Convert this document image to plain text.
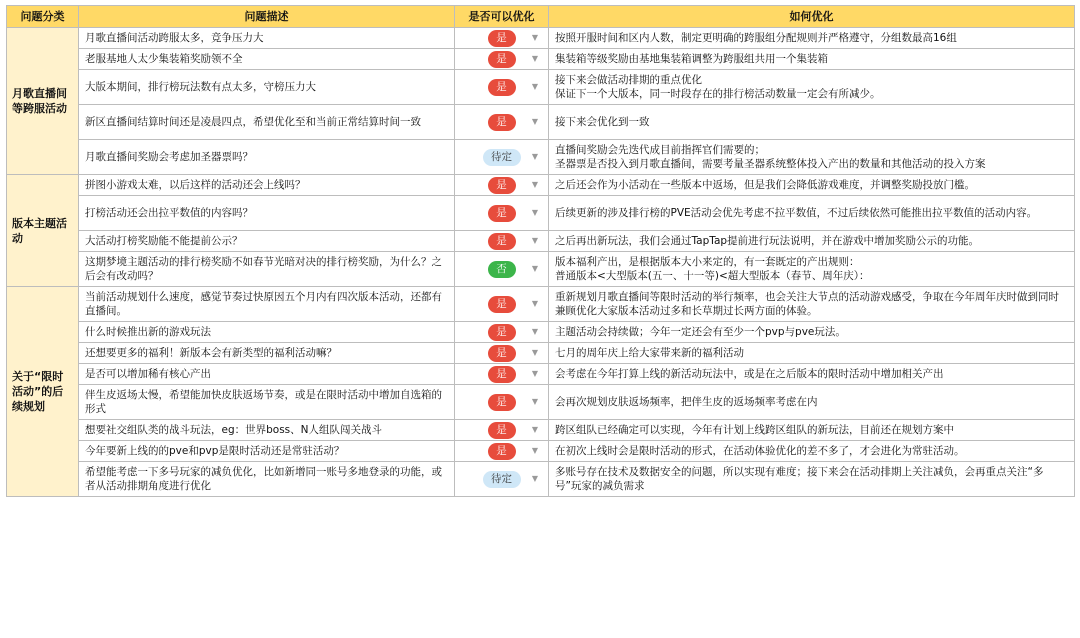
问题分类	问题描述	是否可以优化	如何优化
月歌直播间等跨服活动	月歌直播间活动跨服太多，竞争压力大	是 ▼	按照开服时间和区内人数，制定更明确的跨服组分配规则并严格遵守，分组数最高16组
	老服基地人太少集装箱奖励领不全	是 ▼	集装箱等级奖励由基地集装箱调整为跨服组共用一个集装箱
	大版本期间，排行榜玩法数有点太多，守榜压力大	是 ▼	接下来会做活动排期的重点优化
保证下一个大版本，同一时段存在的排行榜活动数量一定会有所减少。
	新区直播间结算时间还是凌晨四点，希望优化至和当前正常结算时间一致	是 ▼	接下来会优化到一致
	月歌直播间奖励会考虑加圣器票吗？	待定 ▼	直播间奖励会先迭代成目前指挥官们需要的；
圣器票是否投入到月歌直播间，需要考量圣器系统整体投入产出的数量和其他活动的投入方案
版本主题活动	拼图小游戏太难，以后这样的活动还会上线吗？	是 ▼	之后还会作为小活动在一些版本中返场，但是我们会降低游戏难度，并调整奖励投放门槛。
	打榜活动还会出拉平数值的内容吗？	是 ▼	后续更新的涉及排行榜的PVE活动会优先考虑不拉平数值，不过后续依然可能推出拉平数值的活动内容。
	大活动打榜奖励能不能提前公示？	是 ▼	之后再出新玩法，我们会通过TapTap提前进行玩法说明，并在游戏中增加奖励公示的功能。
	这期梦境主题活动的排行榜奖励不如春节光暗对决的排行榜奖励，为什么？之后会有改动吗？	否 ▼	版本福利产出，是根据版本大小来定的，有一套既定的产出规则：
普通版本<大型版本(五一、十一等)<超大型版本（春节、周年庆）：
关于“限时活动”的后续规划	当前活动规划什么速度，感觉节奏过快原因五个月内有四次版本活动，还都有直播间。	是 ▼	重新规划月歌直播间等限时活动的举行频率，也会关注大节点的活动游戏感受，争取在今年周年庆时做到同时兼顾优化大家版本活动过多和长草期过长两方面的体验。
	什么时候推出新的游戏玩法	是 ▼	主题活动会持续做；今年一定还会有至少一个pvp与pve玩法。
	还想要更多的福利！新版本会有新类型的福利活动嘛？	是 ▼	七月的周年庆上给大家带来新的福利活动
	是否可以增加稀有核心产出	是 ▼	会考虑在今年打算上线的新活动玩法中，或是在之后版本的限时活动中增加相关产出
	伴生皮返场太慢，希望能加快皮肤返场节奏，或是在限时活动中增加自选箱的形式	是 ▼	会再次规划皮肤返场频率，把伴生皮的返场频率考虑在内
	想要社交组队类的战斗玩法，eg：世界boss、N人组队闯关战斗	是 ▼	跨区组队已经确定可以实现，今年有计划上线跨区组队的新玩法，目前还在规划方案中
	今年要新上线的的pve和pvp是限时活动还是常驻活动？	是 ▼	在初次上线时会是限时活动的形式，在活动体验优化的差不多了，才会进化为常驻活动。
	希望能考虑一下多号玩家的减负优化，比如新增同一账号多地登录的功能，或者从活动排期角度进行优化	待定 ▼	多账号存在技术及数据安全的问题，所以实现有难度；接下来会在活动排期上关注减负，会再重点关注“多号”玩家的减负需求
